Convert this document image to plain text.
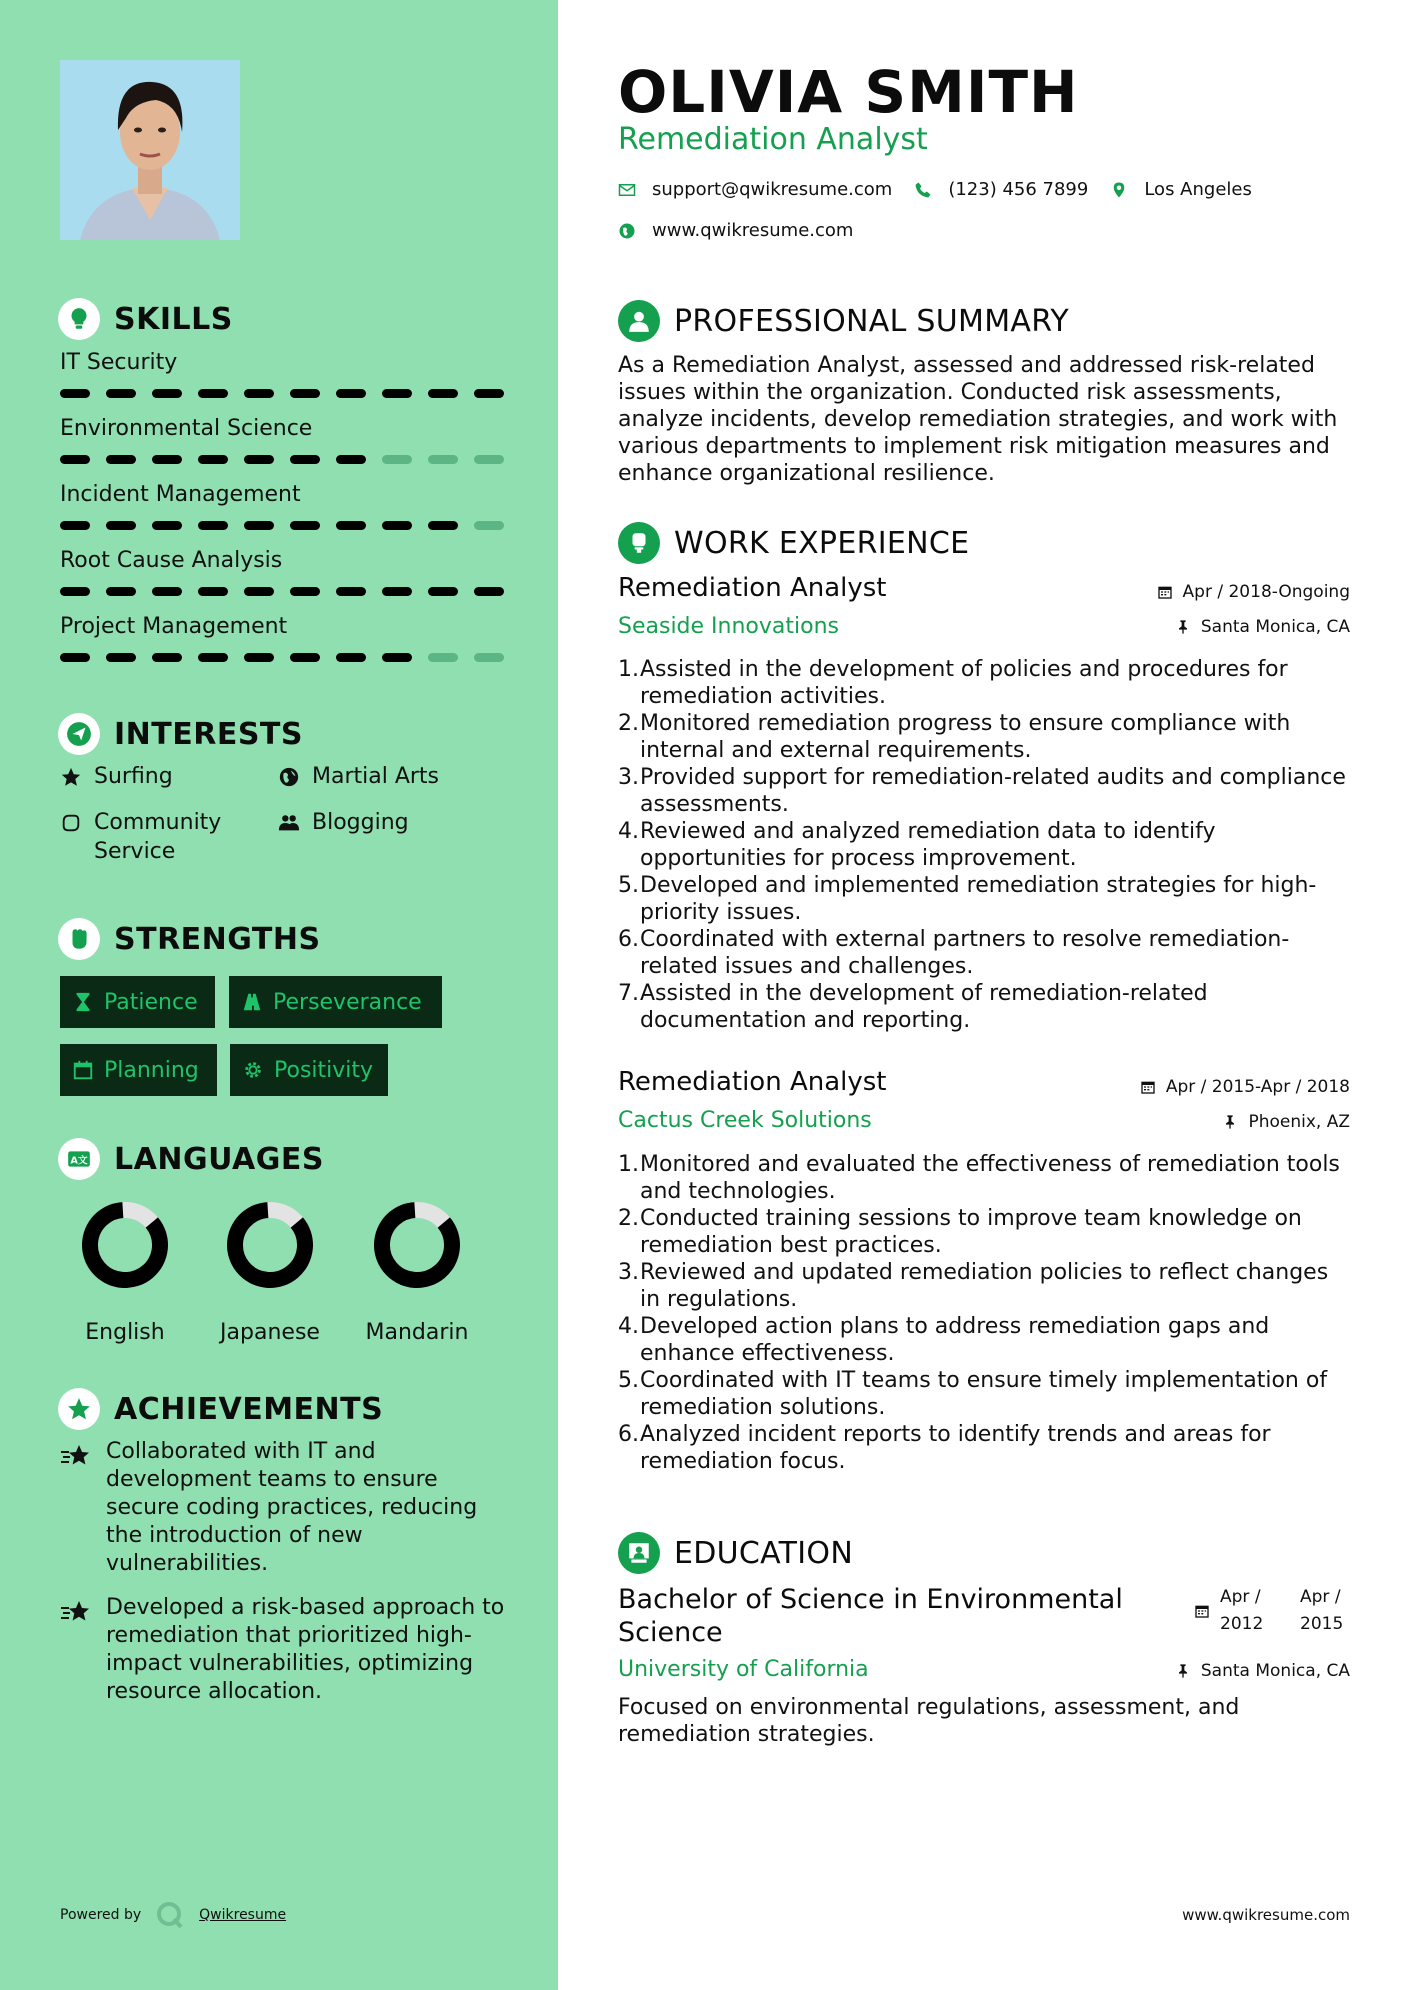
SKILLS
IT Security
Environmental Science
Incident Management
Root Cause Analysis
Project Management
INTERESTS
Surfing	Martial Arts
Community Service
Blogging
STRENGTHS
Patience	Perseverance
Planning	Positivity
A文 LANGUAGES
English	Japanese	Mandarin
ACHIEVEMENTS
Collaborated with IT and development teams to ensure secure coding practices, reducing the introduction of new vulnerabilities.
Developed a risk-based approach to remediation that prioritized high-impact vulnerabilities, optimizing resource allocation.
Powered by	Qwikresume
OLIVIA SMITH
Remediation Analyst
support@qwikresume.com	(123) 456 7899	Los Angeles
www.qwikresume.com
PROFESSIONAL SUMMARY
As a Remediation Analyst, assessed and addressed risk-related issues within the organization. Conducted risk assessments, analyze incidents, develop remediation strategies, and work with various departments to implement risk mitigation measures and enhance organizational resilience.
WORK EXPERIENCE
Remediation Analyst	Apr / 2018-Ongoing
Seaside Innovations	Santa Monica, CA
1. Assisted in the development of policies and procedures for remediation activities.
2. Monitored remediation progress to ensure compliance with internal and external requirements.
3. Provided support for remediation-related audits and compliance assessments.
4. Reviewed and analyzed remediation data to identify opportunities for process improvement.
5. Developed and implemented remediation strategies for high-priority issues.
6. Coordinated with external partners to resolve remediation-related issues and challenges.
7. Assisted in the development of remediation-related documentation and reporting.
Remediation Analyst	Apr / 2015-Apr / 2018
Cactus Creek Solutions	Phoenix, AZ
1. Monitored and evaluated the effectiveness of remediation tools and technologies.
2. Conducted training sessions to improve team knowledge on remediation best practices.
3. Reviewed and updated remediation policies to reflect changes in regulations.
4. Developed action plans to address remediation gaps and enhance effectiveness.
5. Coordinated with IT teams to ensure timely implementation of remediation solutions.
6. Analyzed incident reports to identify trends and areas for remediation focus.
EDUCATION
Bachelor of Science in Environmental Science
Apr / 2012
Apr / 2015
University of California	Santa Monica, CA
Focused on environmental regulations, assessment, and remediation strategies.
www.qwikresume.com
